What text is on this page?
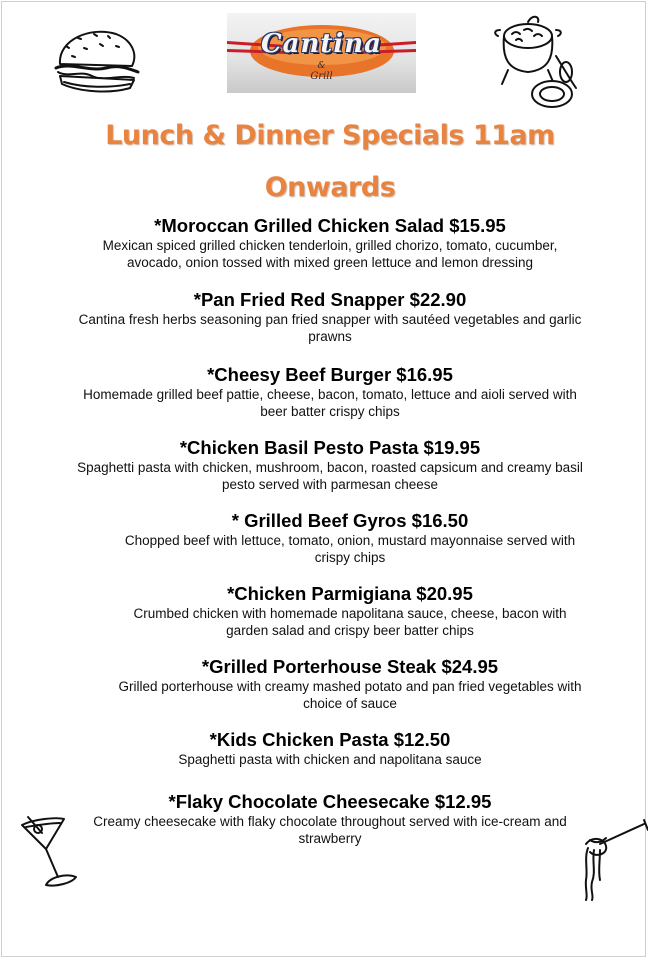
Cantina
&
Grill
Lunch & Dinner Specials 11am
Onwards
*Moroccan Grilled Chicken Salad $15.95
Mexican spiced grilled chicken tenderloin, grilled chorizo, tomato, cucumber,
avocado, onion tossed with mixed green lettuce and lemon dressing
*Pan Fried Red Snapper $22.90
Cantina fresh herbs seasoning pan fried snapper with sautéed vegetables and garlic
prawns
*Cheesy Beef Burger $16.95
Homemade grilled beef pattie, cheese, bacon, tomato, lettuce and aioli served with
beer batter crispy chips
*Chicken Basil Pesto Pasta $19.95
Spaghetti pasta with chicken, mushroom, bacon, roasted capsicum and creamy basil
pesto served with parmesan cheese
* Grilled Beef Gyros $16.50
Chopped beef with lettuce, tomato, onion, mustard mayonnaise served with
crispy chips
*Chicken Parmigiana $20.95
Crumbed chicken with homemade napolitana sauce, cheese, bacon with
garden salad and crispy beer batter chips
*Grilled Porterhouse Steak $24.95
Grilled porterhouse with creamy mashed potato and pan fried vegetables with
choice of sauce
*Kids Chicken Pasta $12.50
Spaghetti pasta with chicken and napolitana sauce
*Flaky Chocolate Cheesecake $12.95
Creamy cheesecake with flaky chocolate throughout served with ice-cream and
strawberry
